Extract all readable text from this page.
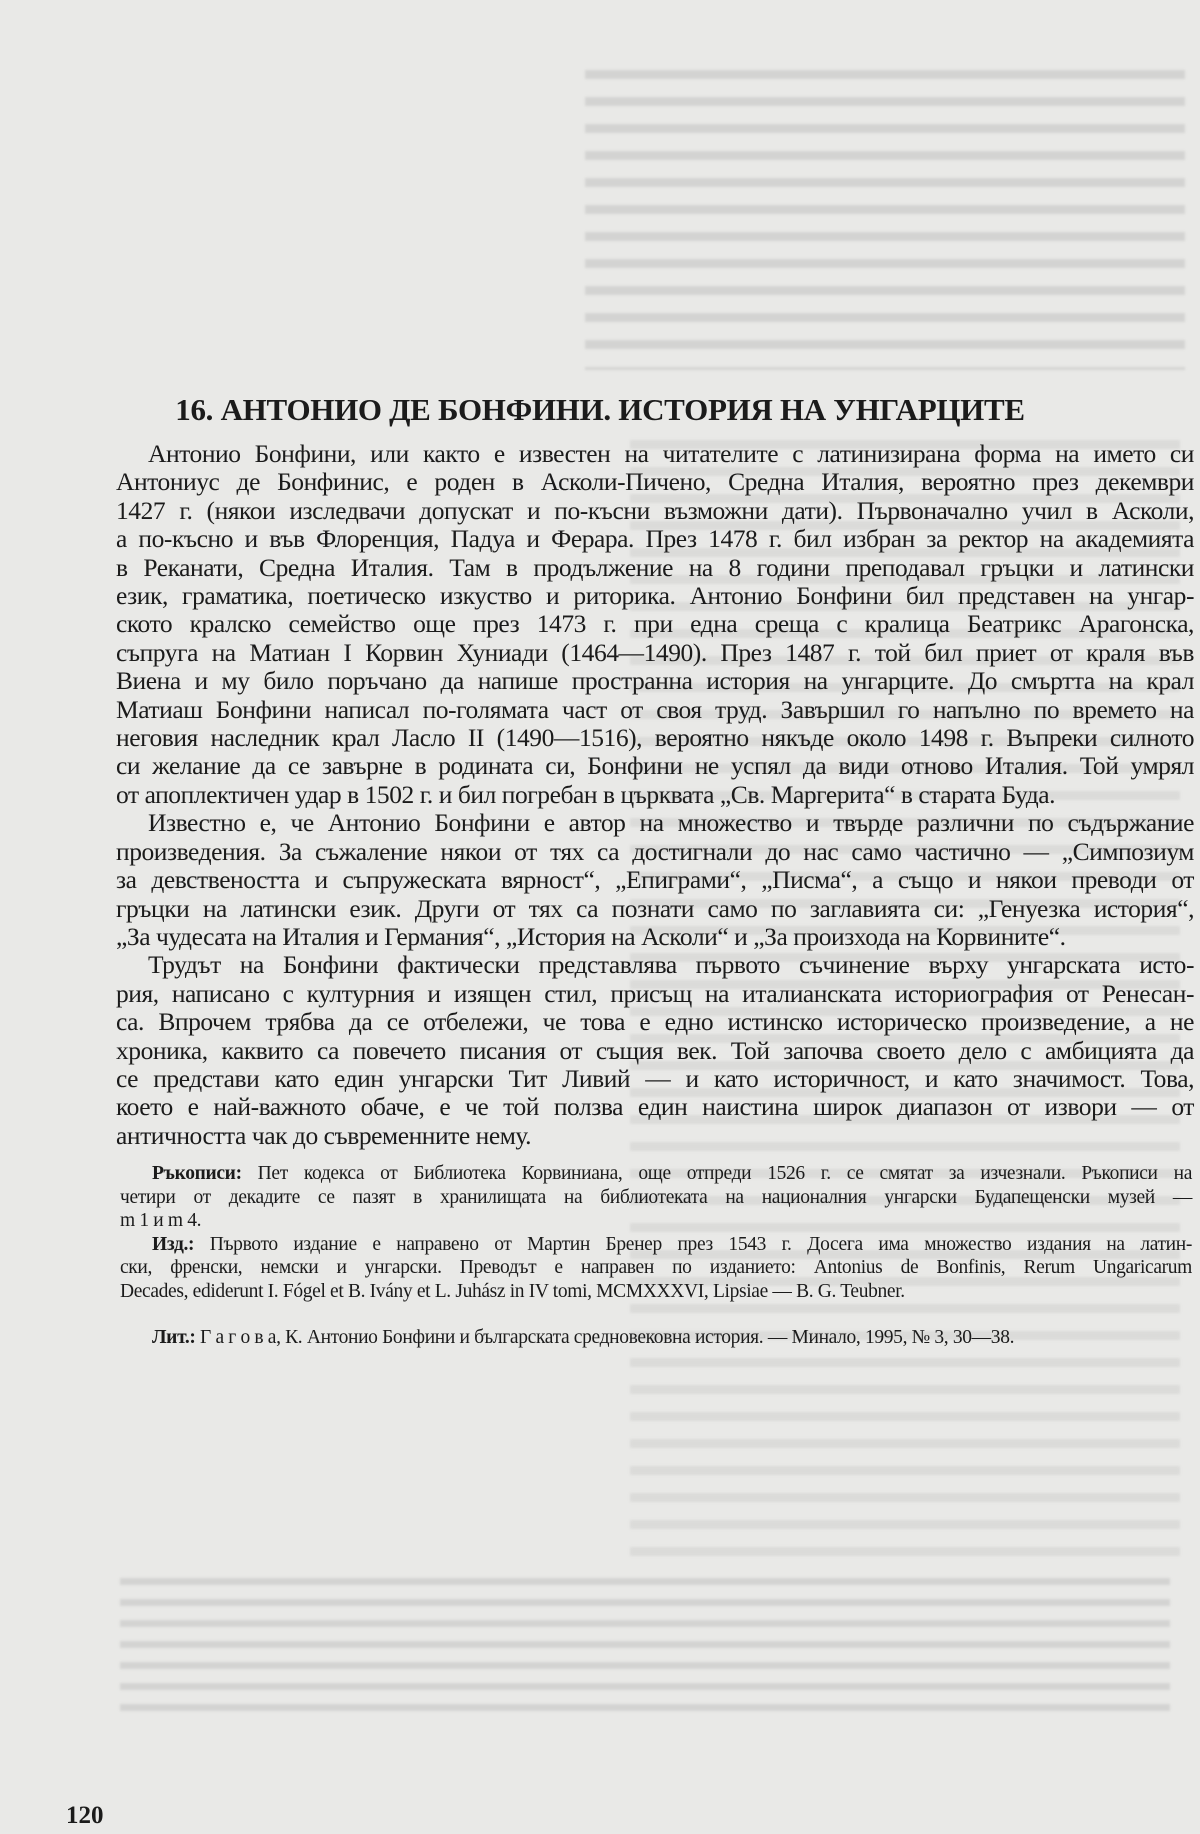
16. АНТОНИО ДЕ БОНФИНИ. ИСТОРИЯ НА УНГАРЦИТЕ
Антонио Бонфини, или както е известен на читателите с латинизирана форма на името си
Антониус де Бонфинис, е роден в Асколи-Пичено, Средна Италия, вероятно през декември
1427 г. (някои изследвачи допускат и по-късни възможни дати). Първоначално учил в Асколи,
а по-късно и във Флоренция, Падуа и Ферара. През 1478 г. бил избран за ректор на академията
в Реканати, Средна Италия. Там в продължение на 8 години преподавал гръцки и латински
език, граматика, поетическо изкуство и риторика. Антонио Бонфини бил представен на унгар-
ското кралско семейство още през 1473 г. при една среща с кралица Беатрикс Арагонска,
съпруга на Матиан I Корвин Хуниади (1464—1490). През 1487 г. той бил приет от краля във
Виена и му било поръчано да напише пространна история на унгарците. До смъртта на крал
Матиаш Бонфини написал по-голямата част от своя труд. Завършил го напълно по времето на
неговия наследник крал Ласло II (1490—1516), вероятно някъде около 1498 г. Въпреки силното
си желание да се завърне в родината си, Бонфини не успял да види отново Италия. Той умрял
от апоплектичен удар в 1502 г. и бил погребан в църквата „Св. Маргерита“ в старата Буда.
Известно е, че Антонио Бонфини е автор на множество и твърде различни по съдържание
произведения. За съжаление някои от тях са достигнали до нас само частично — „Симпозиум
за девствеността и съпружеската вярност“, „Епиграми“, „Писма“, а също и някои преводи от
гръцки на латински език. Други от тях са познати само по заглавията си: „Генуезка история“,
„За чудесата на Италия и Германия“, „История на Асколи“ и „За произхода на Корвините“.
Трудът на Бонфини фактически представлява първото съчинение върху унгарската исто-
рия, написано с културния и изящен стил, присъщ на италианската историография от Ренесан-
са. Впрочем трябва да се отбележи, че това е едно истинско историческо произведение, а не
хроника, каквито са повечето писания от същия век. Той започва своето дело с амбицията да
се представи като един унгарски Тит Ливий — и като историчност, и като значимост. Това,
което е най-важното обаче, е че той ползва един наистина широк диапазон от извори — от
античността чак до съвременните нему.
Ръкописи: Пет кодекса от Библиотека Корвиниана, още отпреди 1526 г. се смятат за изчезнали. Ръкописи на
четири от декадите се пазят в хранилищата на библиотеката на националния унгарски Будапещенски музей —
m 1 и m 4.
Изд.: Първото издание е направено от Мартин Бренер през 1543 г. Досега има множество издания на латин-
ски, френски, немски и унгарски. Преводът е направен по изданието: Antonius de Bonfinis, Rerum Ungaricarum
Decades, ediderunt I. Fógel et B. Ivány et L. Juhász in IV tomi, MCMXXXVI, Lipsiae — B. G. Teubner.
Лит.: Г а г о в а, К. Антонио Бонфини и българската средновековна история. — Минало, 1995, № 3, 30—38.
120
